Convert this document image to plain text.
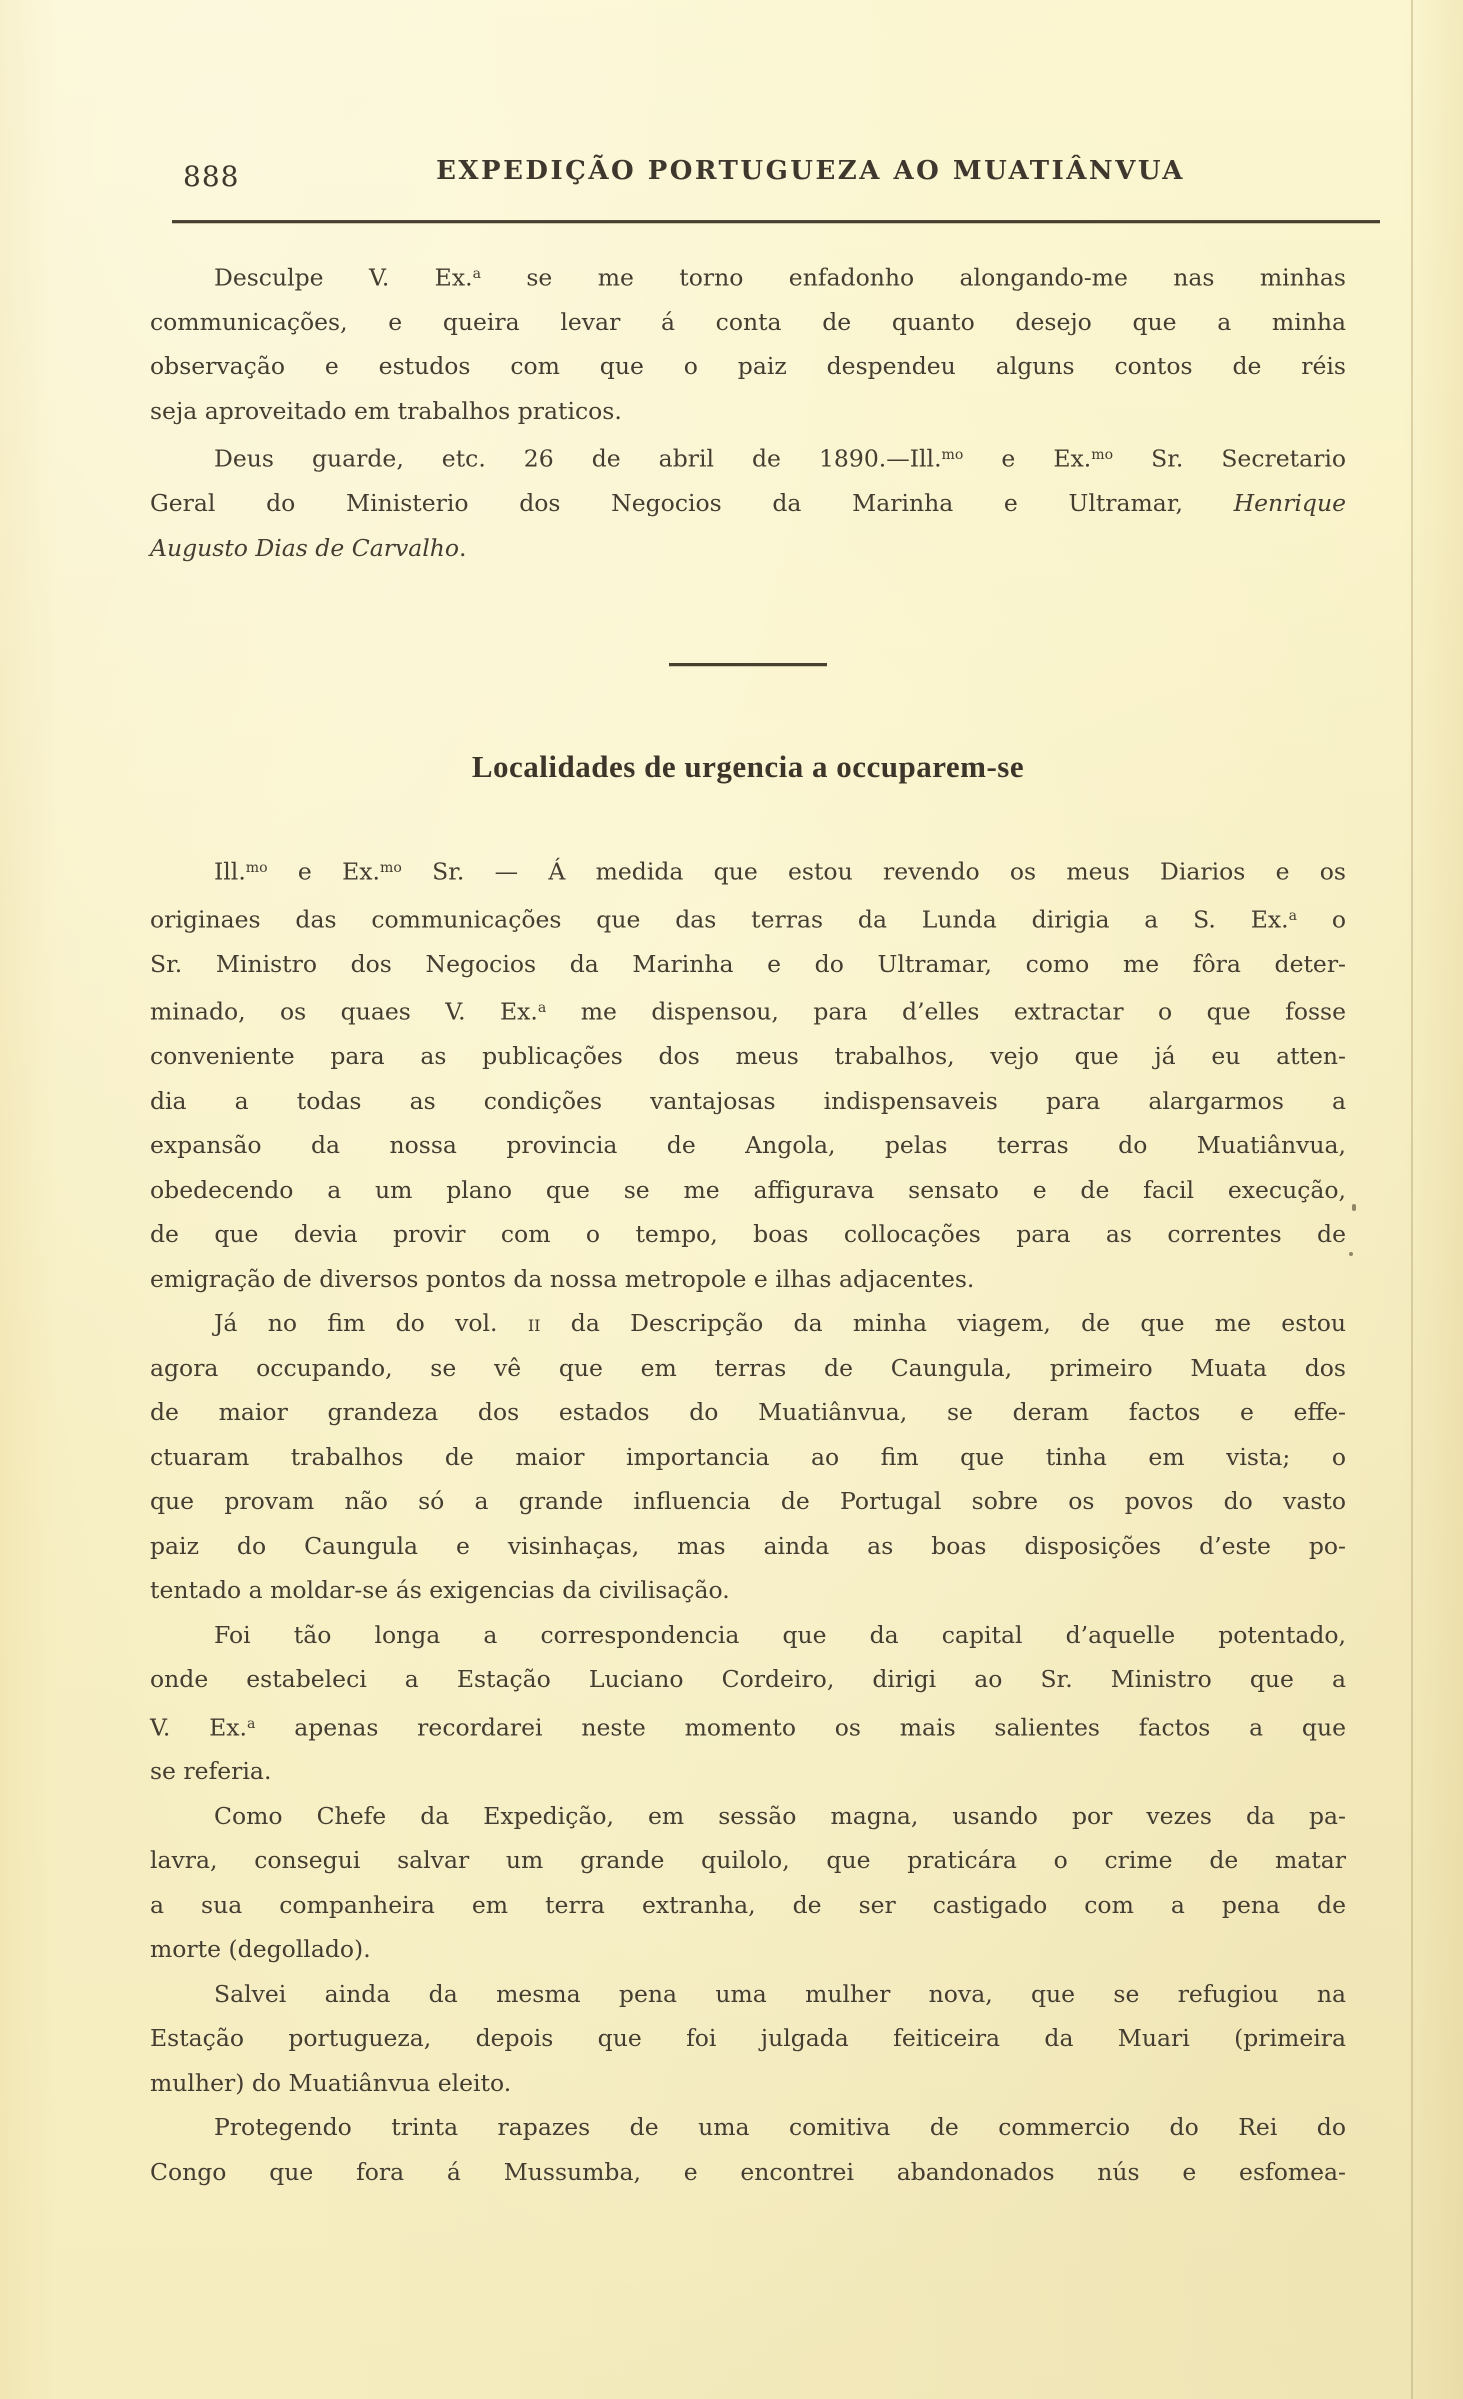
888	EXPEDIÇÃO PORTUGUEZA AO MUATIÂNVUA
Desculpe V. Ex.$^a$ se me torno enfadonho alongando-me nas minhas
communicações, e queira levar á conta de quanto desejo que a minha
observação e estudos com que o paiz despendeu alguns contos de réis
seja aproveitado em trabalhos praticos.
Deus guarde, etc. 26 de abril de 1890.—Ill.$^{mo}$ e Ex.$^{mo}$ Sr. Secretario
Geral do Ministerio dos Negocios da Marinha e Ultramar, Henrique
Augusto Dias de Carvalho.
Localidades de urgencia a occuparem-se
Ill.$^{mo}$ e Ex.$^{mo}$ Sr. — Á medida que estou revendo os meus Diarios e os
originaes das communicações que das terras da Lunda dirigia a S. Ex.$^a$ o
Sr. Ministro dos Negocios da Marinha e do Ultramar, como me fôra deter-
minado, os quaes V. Ex.$^a$ me dispensou, para d’elles extractar o que fosse
conveniente para as publicações dos meus trabalhos, vejo que já eu atten-
dia a todas as condições vantajosas indispensaveis para alargarmos a
expansão da nossa provincia de Angola, pelas terras do Muatiânvua,
obedecendo a um plano que se me affigurava sensato e de facil execução,
de que devia provir com o tempo, boas collocações para as correntes de
emigração de diversos pontos da nossa metropole e ilhas adjacentes.
Já no fim do vol. ii da Descripção da minha viagem, de que me estou
agora occupando, se vê que em terras de Caungula, primeiro Muata dos
de maior grandeza dos estados do Muatiânvua, se deram factos e effe-
ctuaram trabalhos de maior importancia ao fim que tinha em vista; o
que provam não só a grande influencia de Portugal sobre os povos do vasto
paiz do Caungula e visinhaças, mas ainda as boas disposições d’este po-
tentado a moldar-se ás exigencias da civilisação.
Foi tão longa a correspondencia que da capital d’aquelle potentado,
onde estabeleci a Estação Luciano Cordeiro, dirigi ao Sr. Ministro que a
V. Ex.$^a$ apenas recordarei neste momento os mais salientes factos a que
se referia.
Como Chefe da Expedição, em sessão magna, usando por vezes da pa-
lavra, consegui salvar um grande quilolo, que praticára o crime de matar
a sua companheira em terra extranha, de ser castigado com a pena de
morte (degollado).
Salvei ainda da mesma pena uma mulher nova, que se refugiou na
Estação portugueza, depois que foi julgada feiticeira da Muari (primeira
mulher) do Muatiânvua eleito.
Protegendo trinta rapazes de uma comitiva de commercio do Rei do
Congo que fora á Mussumba, e encontrei abandonados nús e esfomea-
